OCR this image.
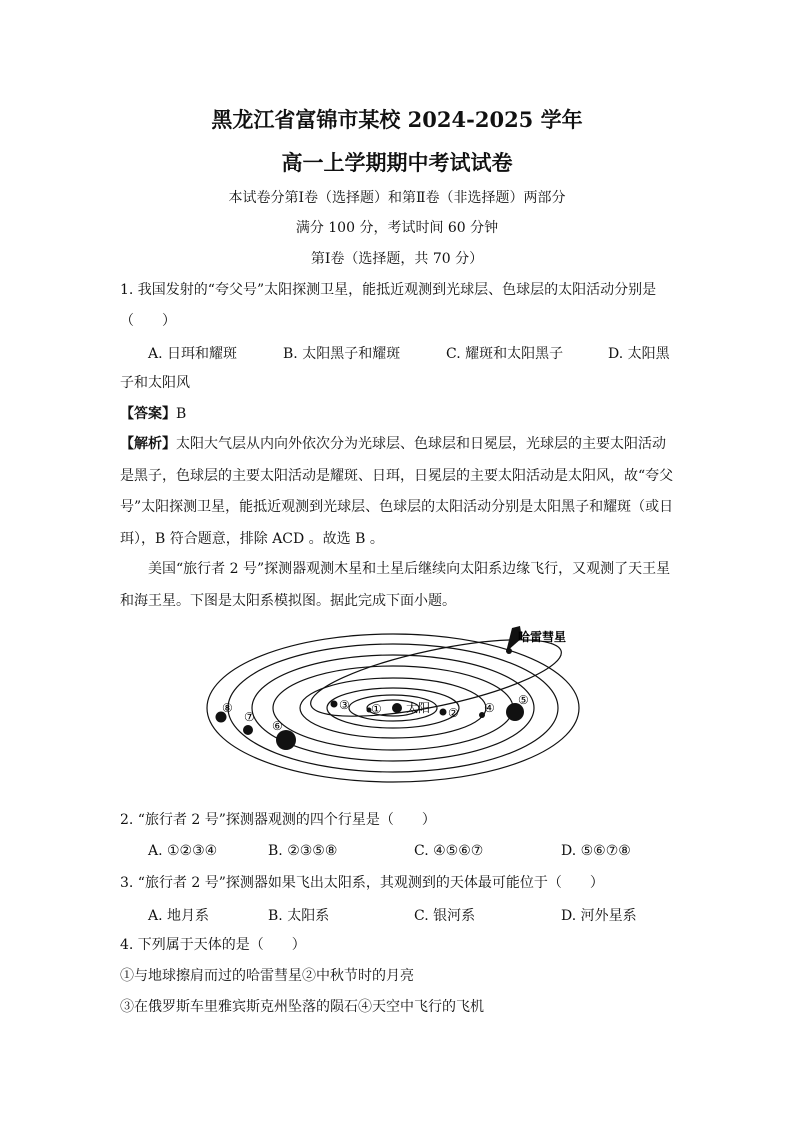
黑龙江省富锦市某校 2024-2025 学年
高一上学期期中考试试卷
本试卷分第Ⅰ卷（选择题）和第Ⅱ卷（非选择题）两部分
满分 100 分，考试时间 60 分钟
第Ⅰ卷（选择题，共 70 分）
1. 我国发射的“夸父号”太阳探测卫星，能抵近观测到光球层、色球层的太阳活动分别是
（　　）
A. 日珥和耀斑	B. 太阳黑子和耀斑	C. 耀斑和太阳黑子	D. 太阳黑
子和太阳风
【答案】B
【解析】太阳大气层从内向外依次分为光球层、色球层和日冕层，光球层的主要太阳活动是黑子，色球层的主要太阳活动是耀斑、日珥，日冕层的主要太阳活动是太阳风，故“夸父号”太阳探测卫星，能抵近观测到光球层、色球层的太阳活动分别是太阳黑子和耀斑（或日珥），B 符合题意，排除 ACD 。故选 B 。
美国“旅行者 2 号”探测器观测木星和土星后继续向太阳系边缘飞行，又观测了天王星和海王星。下图是太阳系模拟图。据此完成下面小题。
哈雷彗星
太阳
①	②
③	④
⑤
⑥
⑦
⑧
2. “旅行者 2 号”探测器观测的四个行星是（　　）
A. ①②③④	B. ②③⑤⑧	C. ④⑤⑥⑦	D. ⑤⑥⑦⑧
3. “旅行者 2 号”探测器如果飞出太阳系，其观测到的天体最可能位于（　　）
A. 地月系	B. 太阳系	C. 银河系	D. 河外星系
4. 下列属于天体的是（　　）
①与地球擦肩而过的哈雷彗星②中秋节时的月亮
③在俄罗斯车里雅宾斯克州坠落的陨石④天空中飞行的飞机
